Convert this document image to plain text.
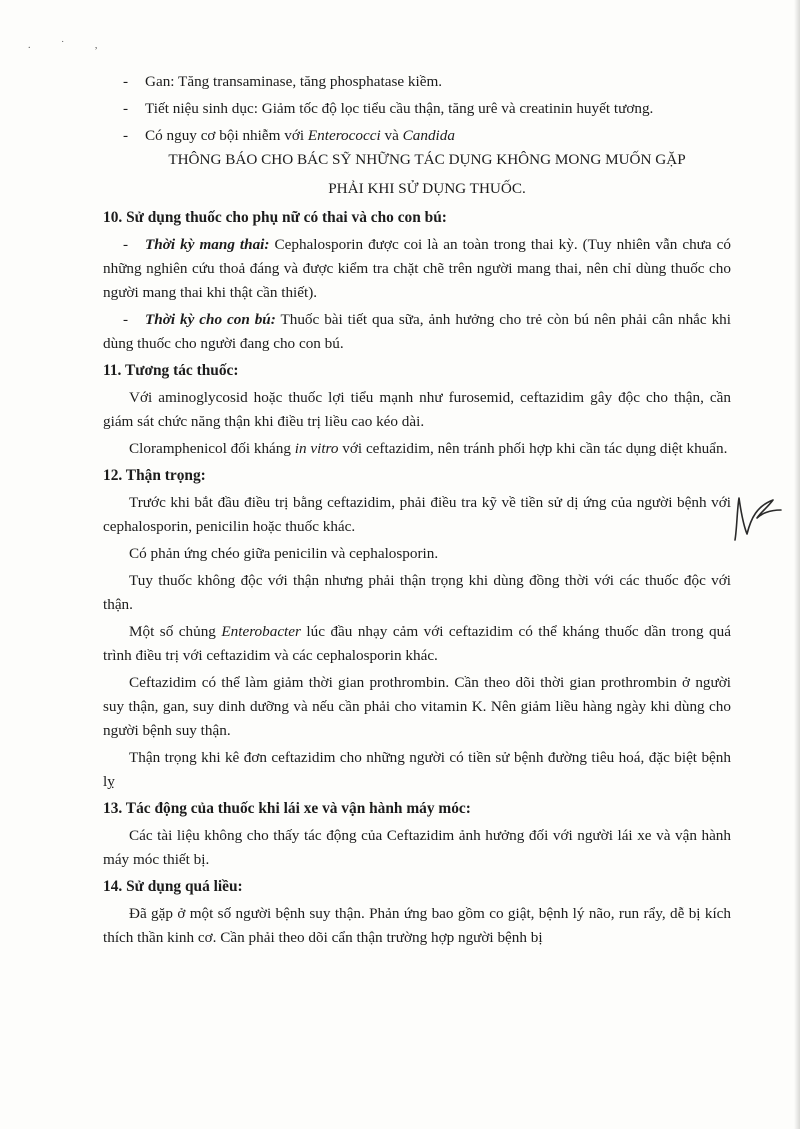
. ˙ ,

- Gan: Tăng transaminase, tăng phosphatase kiềm.

- Tiết niệu sinh dục: Giảm tốc độ lọc tiểu cầu thận, tăng urê và creatinin huyết tương.

- Có nguy cơ bội nhiễm với Enterococci và Candida

THÔNG BÁO CHO BÁC SỸ NHỮNG TÁC DỤNG KHÔNG MONG MUỐN GẶP

PHẢI KHI SỬ DỤNG THUỐC.

10. Sử dụng thuốc cho phụ nữ có thai và cho con bú:

- Thời kỳ mang thai: Cephalosporin được coi là an toàn trong thai kỳ. (Tuy nhiên vẫn chưa có những nghiên cứu thoả đáng và được kiểm tra chặt chẽ trên người mang thai, nên chỉ dùng thuốc cho người mang thai khi thật cần thiết).

- Thời kỳ cho con bú: Thuốc bài tiết qua sữa, ảnh hưởng cho trẻ còn bú nên phải cân nhắc khi dùng thuốc cho người đang cho con bú.

11. Tương tác thuốc:

Với aminoglycosid hoặc thuốc lợi tiểu mạnh như furosemid, ceftazidim gây độc cho thận, cần giám sát chức năng thận khi điều trị liều cao kéo dài.

Cloramphenicol đối kháng in vitro với ceftazidim, nên tránh phối hợp khi cần tác dụng diệt khuẩn.

12. Thận trọng:

Trước khi bắt đầu điều trị bằng ceftazidim, phải điều tra kỹ về tiền sử dị ứng của người bệnh với cephalosporin, penicilin hoặc thuốc khác.

Có phản ứng chéo giữa penicilin và cephalosporin.

Tuy thuốc không độc với thận nhưng phải thận trọng khi dùng đồng thời với các thuốc độc với thận.

Một số chủng Enterobacter lúc đầu nhạy cảm với ceftazidim có thể kháng thuốc dần trong quá trình điều trị với ceftazidim và các cephalosporin khác.

Ceftazidim có thể làm giảm thời gian prothrombin. Cần theo dõi thời gian prothrombin ở người suy thận, gan, suy dinh dưỡng và nếu cần phải cho vitamin K. Nên giảm liều hàng ngày khi dùng cho người bệnh suy thận.

Thận trọng khi kê đơn ceftazidim cho những người có tiền sử bệnh đường tiêu hoá, đặc biệt bệnh lỵ

13. Tác động của thuốc khi lái xe và vận hành máy móc:

Các tài liệu không cho thấy tác động của Ceftazidim ảnh hưởng đối với người lái xe và vận hành máy móc thiết bị.

14. Sử dụng quá liều:

Đã gặp ở một số người bệnh suy thận. Phản ứng bao gồm co giật, bệnh lý não, run rẩy, dễ bị kích thích thần kinh cơ. Cần phải theo dõi cẩn thận trường hợp người bệnh bị
